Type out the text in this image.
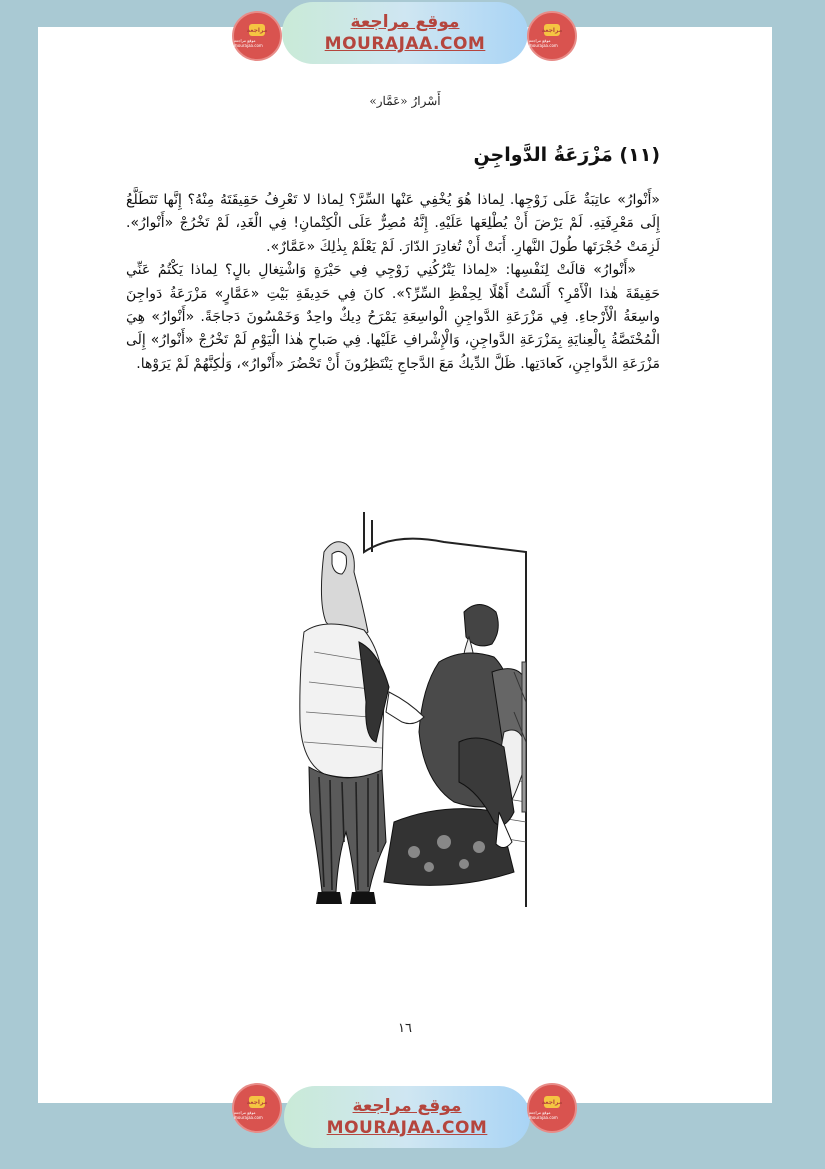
أَسْرارُ «عَمَّار»
(١١) مَزْرَعَةُ الدَّواجِنِ

«أَنْوارُ» عاتِبَةٌ عَلَى زَوْجِها. لِماذا هُوَ يُخْفِي عَنْها السِّرَّ؟ لِماذا لا تَعْرِفُ حَقِيقَتَهُ مِنْهُ؟ إِنَّها تَتَطَلَّعُ إِلَى مَعْرِفَتِهِ. لَمْ يَرْضَ أَنْ يُطْلِعَها عَلَيْهِ. إِنَّهُ مُصِرٌّ عَلَى الْكِتْمانِ! فِي الْغَدِ، لَمْ تَخْرُجْ «أَنْوارُ». لَزِمَتْ حُجْرَتَها طُولَ النَّهارِ. أَبَتْ أَنْ تُغادِرَ الدّارَ. لَمْ يَعْلَمْ بِذٰلِكَ «عَمَّارٌ».

«أَنْوارُ» قالَتْ لِنَفْسِها: «لِماذا يَتْرُكُنِي زَوْجِي فِي حَيْرَةٍ وَاشْتِغالِ بالٍ؟ لِماذا يَكْتُمُ عَنِّي حَقِيقَةَ هٰذا الْأَمْرِ؟ أَلَسْتُ أَهْلًا لِحِفْظِ السِّرِّ؟». كانَ فِي حَدِيقَةِ بَيْتِ «عَمَّارٍ» مَزْرَعَةُ دَواجِنَ واسِعَةُ الْأَرْجاءِ. فِي مَزْرَعَةِ الدَّواجِنِ الْواسِعَةِ يَمْرَحُ دِيكٌ واحِدٌ وَخَمْسُونَ دَجاجَةً. «أَنْوارُ» هِيَ الْمُخْتَصَّةُ بِالْعِنايَةِ بِمَزْرَعَةِ الدَّواجِنِ، وَالْإِشْرافِ عَلَيْها. فِي صَباحِ هٰذا الْيَوْمِ لَمْ تَخْرُجْ «أَنْوارُ» إِلَى مَزْرَعَةِ الدَّواجِنِ، كَعادَتِها. ظَلَّ الدِّيكُ مَعَ الدَّجاجِ يَنْتَظِرُونَ أَنْ تَحْضُرَ «أَنْوارُ»، وَلٰكِنَّهُمْ لَمْ يَرَوْها.

١٦
مراجعة
موقع مراجعة mourajaa.com
موقع مراجعة
MOURAJAA.COM
مراجعة
موقع مراجعة mourajaa.com
مراجعة
موقع مراجعة mourajaa.com
موقع مراجعة
MOURAJAA.COM
مراجعة
موقع مراجعة mourajaa.com
